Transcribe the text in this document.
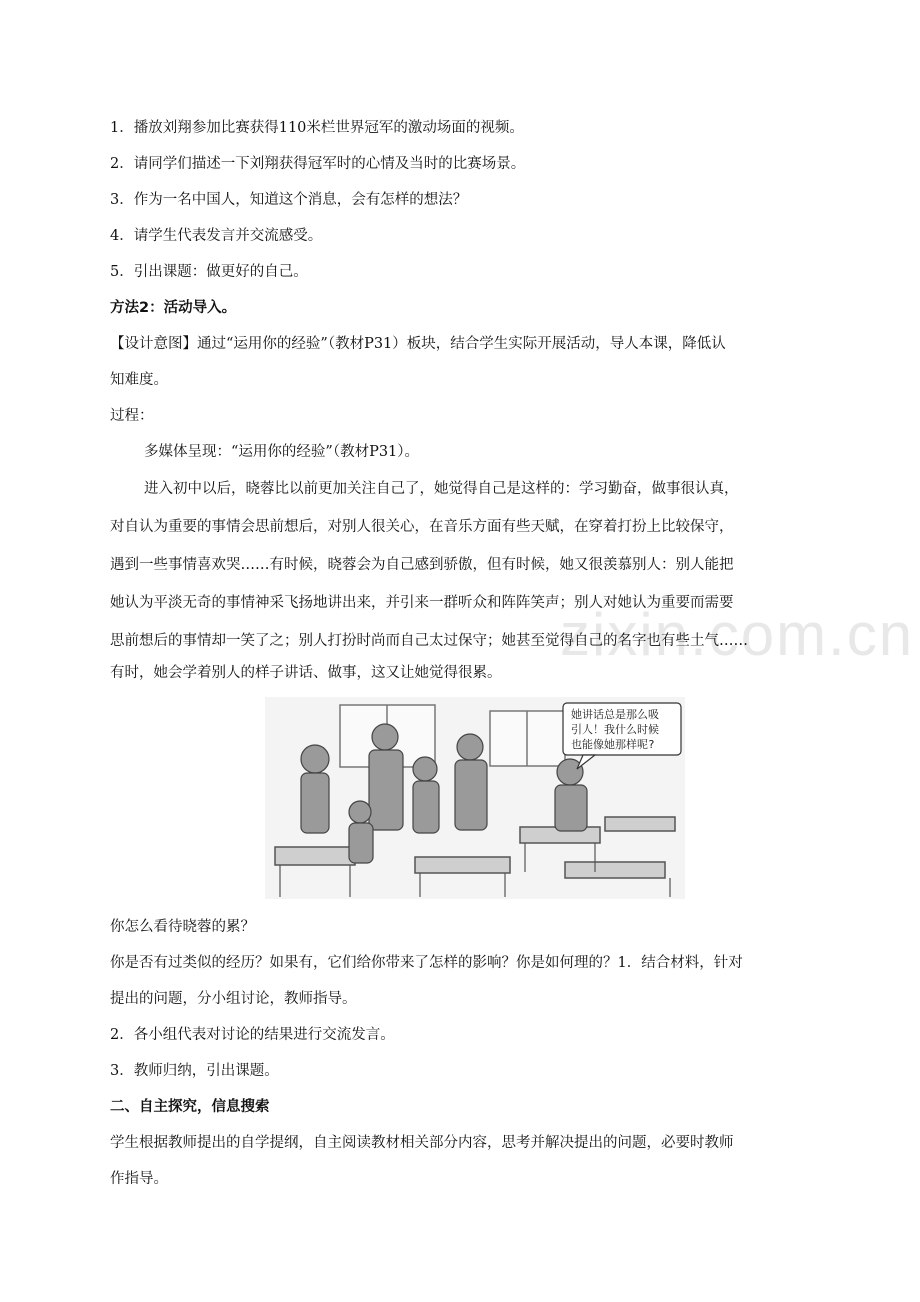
zixin.com.cn
1．播放刘翔参加比赛获得110米栏世界冠军的激动场面的视频。
2．请同学们描述一下刘翔获得冠军时的心情及当时的比赛场景。
3．作为一名中国人，知道这个消息，会有怎样的想法？
4．请学生代表发言并交流感受。
5．引出课题：做更好的自己。
方法2：活动导入。
【设计意图】通过“运用你的经验”（教材P31）板块，结合学生实际开展活动，导人本课，降低认
知难度。
过程：
多媒体呈现：“运用你的经验”（教材P31）。
进入初中以后，晓蓉比以前更加关注自己了，她觉得自己是这样的：学习勤奋，做事很认真，
对自认为重要的事情会思前想后，对别人很关心，在音乐方面有些天赋，在穿着打扮上比较保守，
遇到一些事情喜欢哭……有时候，晓蓉会为自己感到骄傲，但有时候，她又很羡慕别人：别人能把
她认为平淡无奇的事情神采飞扬地讲出来，并引来一群听众和阵阵笑声；别人对她认为重要而需要
思前想后的事情却一笑了之；别人打扮时尚而自己太过保守；她甚至觉得自己的名字也有些土气……
有时，她会学着别人的样子讲话、做事，这又让她觉得很累。
她讲话总是那么吸
引人！我什么时候
也能像她那样呢?
你怎么看待晓蓉的累？
你是否有过类似的经历？如果有，它们给你带来了怎样的影响？你是如何理的？1．结合材料，针对
提出的问题，分小组讨论，教师指导。
2．各小组代表对讨论的结果进行交流发言。
3．教师归纳，引出课题。
二、自主探究，信息搜索
学生根据教师提出的自学提纲，自主阅读教材相关部分内容，思考并解决提出的问题，必要时教师
作指导。
